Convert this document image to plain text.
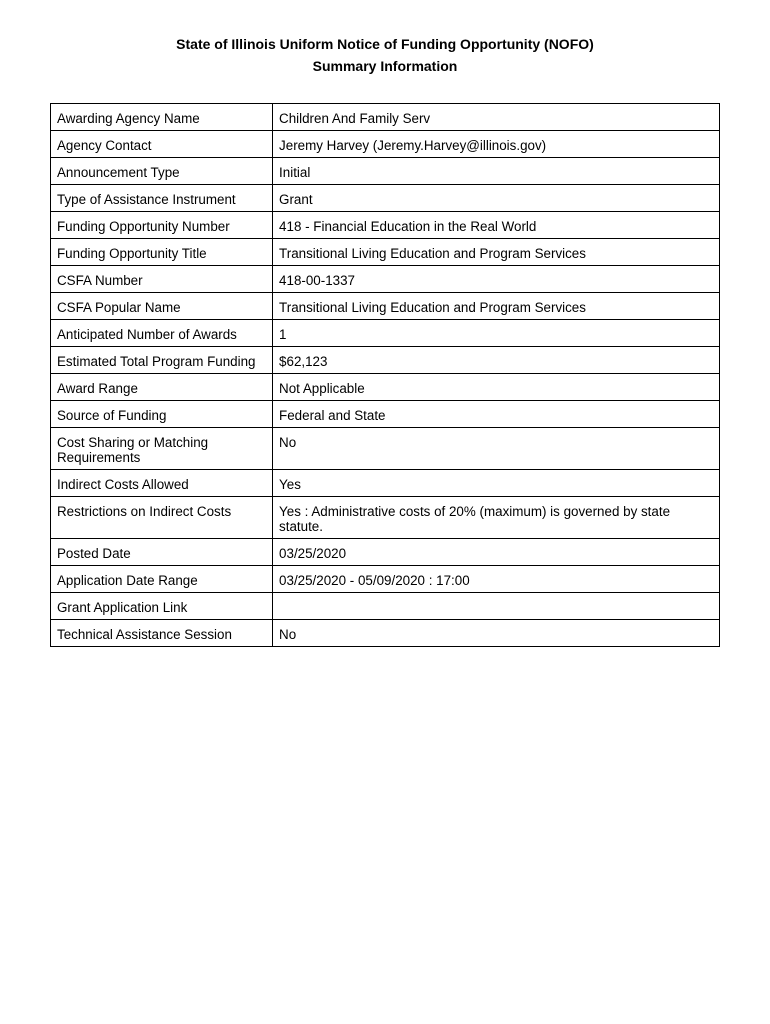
State of Illinois Uniform Notice of Funding Opportunity (NOFO)
Summary Information
Awarding Agency Name	Children And Family Serv
Agency Contact	Jeremy Harvey (Jeremy.Harvey@illinois.gov)
Announcement Type	Initial
Type of Assistance Instrument	Grant
Funding Opportunity Number	418 - Financial Education in the Real World
Funding Opportunity Title	Transitional Living Education and Program Services
CSFA Number	418-00-1337
CSFA Popular Name	Transitional Living Education and Program Services
Anticipated Number of Awards	1
Estimated Total Program Funding	$62,123
Award Range	Not Applicable
Source of Funding	Federal and State
Cost Sharing or Matching Requirements	No
Indirect Costs Allowed	Yes
Restrictions on Indirect Costs	Yes : Administrative costs of 20% (maximum) is governed by state statute.
Posted Date	03/25/2020
Application Date Range	03/25/2020 - 05/09/2020 : 17:00
Grant Application Link	
Technical Assistance Session	No
